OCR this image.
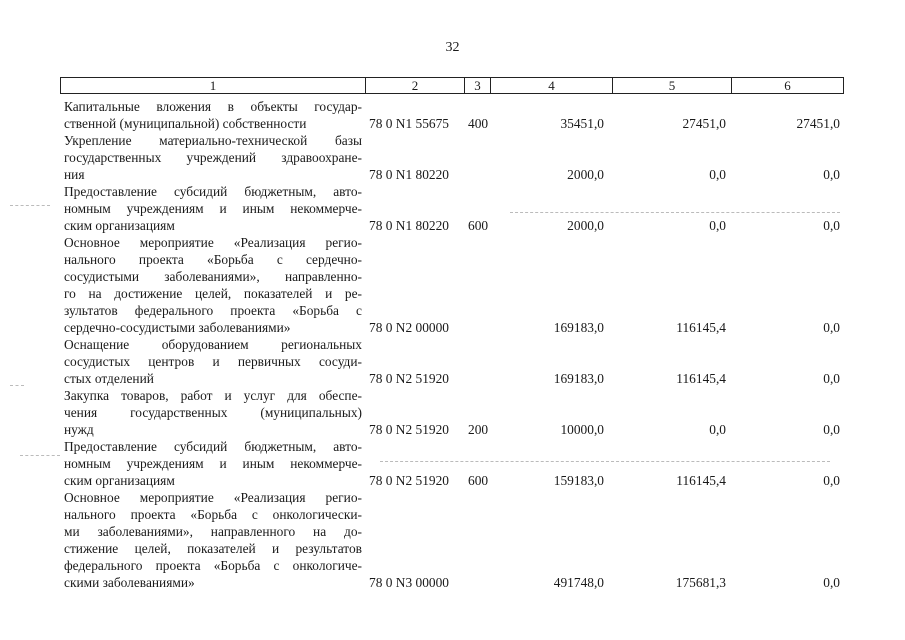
32
1	2	3	4	5	6
Капитальные вложения в объекты государ-
ственной (муниципальной) собственности	78 0 N1 55675 400	35451,0	27451,0	27451,0
Укрепление материально-технической базы
государственных учреждений здравоохране-
ния	78 0 N1 80220	2000,0	0,0	0,0
Предоставление субсидий бюджетным, авто-
номным учреждениям и иным некоммерче-
ским организациям	78 0 N1 80220 600	2000,0	0,0	0,0
Основное мероприятие «Реализация регио-
нального проекта «Борьба с сердечно-
сосудистыми заболеваниями», направленно-
го на достижение целей, показателей и ре-
зультатов федерального проекта «Борьба с
сердечно-сосудистыми заболеваниями»	78 0 N2 00000	169183,0	116145,4	0,0
Оснащение оборудованием региональных
сосудистых центров и первичных сосуди-
стых отделений	78 0 N2 51920	169183,0	116145,4	0,0
Закупка товаров, работ и услуг для обеспе-
чения государственных (муниципальных)
нужд	78 0 N2 51920 200	10000,0	0,0	0,0
Предоставление субсидий бюджетным, авто-
номным учреждениям и иным некоммерче-
ским организациям	78 0 N2 51920 600	159183,0	116145,4	0,0
Основное мероприятие «Реализация регио-
нального проекта «Борьба с онкологически-
ми заболеваниями», направленного на до-
стижение целей, показателей и результатов
федерального проекта «Борьба с онкологиче-
скими заболеваниями»	78 0 N3 00000	491748,0	175681,3	0,0
